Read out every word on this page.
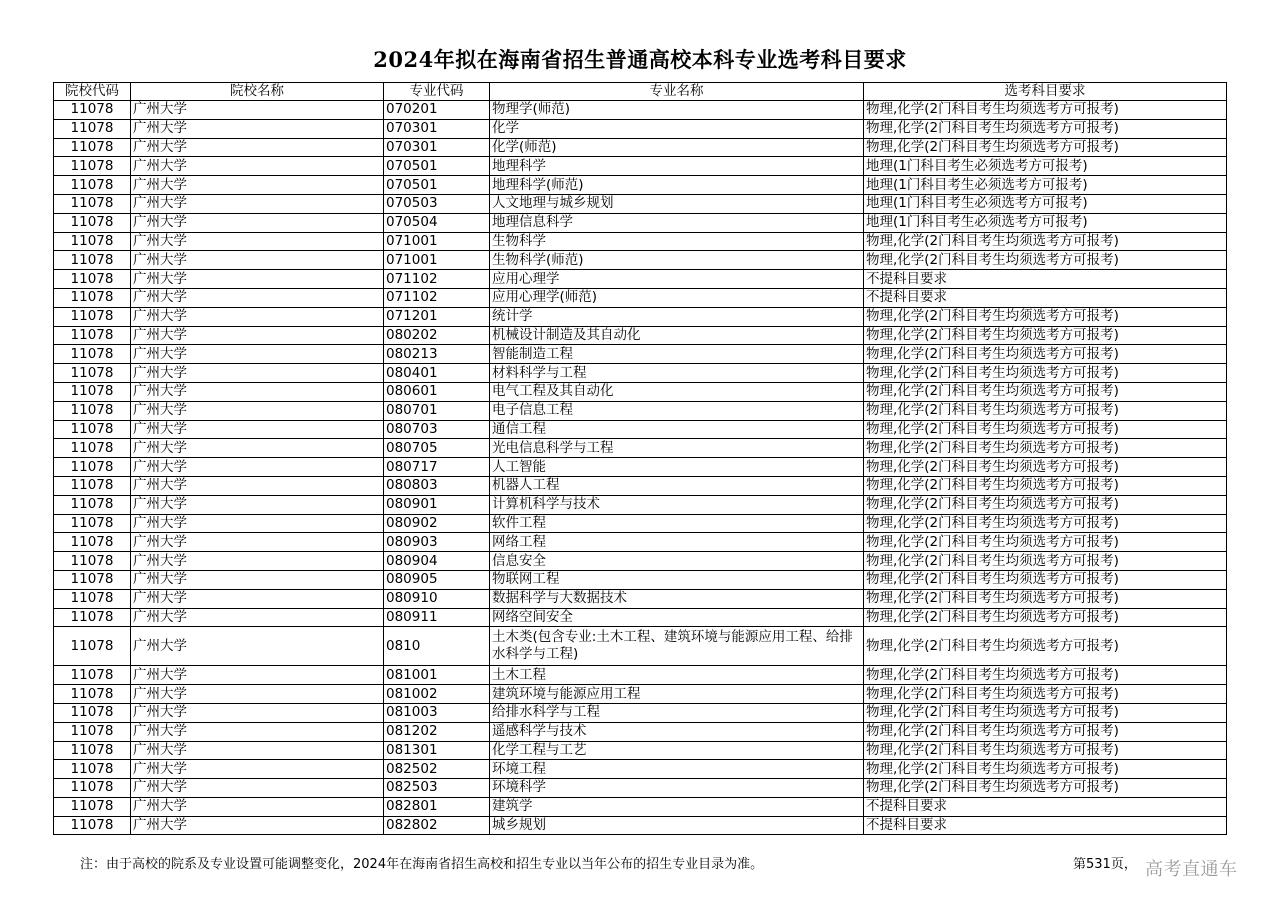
2024年拟在海南省招生普通高校本科专业选考科目要求
院校代码	院校名称	专业代码	专业名称	选考科目要求
11078	广州大学	070201	物理学(师范)	物理,化学(2门科目考生均须选考方可报考)
11078	广州大学	070301	化学	物理,化学(2门科目考生均须选考方可报考)
11078	广州大学	070301	化学(师范)	物理,化学(2门科目考生均须选考方可报考)
11078	广州大学	070501	地理科学	地理(1门科目考生必须选考方可报考)
11078	广州大学	070501	地理科学(师范)	地理(1门科目考生必须选考方可报考)
11078	广州大学	070503	人文地理与城乡规划	地理(1门科目考生必须选考方可报考)
11078	广州大学	070504	地理信息科学	地理(1门科目考生必须选考方可报考)
11078	广州大学	071001	生物科学	物理,化学(2门科目考生均须选考方可报考)
11078	广州大学	071001	生物科学(师范)	物理,化学(2门科目考生均须选考方可报考)
11078	广州大学	071102	应用心理学	不提科目要求
11078	广州大学	071102	应用心理学(师范)	不提科目要求
11078	广州大学	071201	统计学	物理,化学(2门科目考生均须选考方可报考)
11078	广州大学	080202	机械设计制造及其自动化	物理,化学(2门科目考生均须选考方可报考)
11078	广州大学	080213	智能制造工程	物理,化学(2门科目考生均须选考方可报考)
11078	广州大学	080401	材料科学与工程	物理,化学(2门科目考生均须选考方可报考)
11078	广州大学	080601	电气工程及其自动化	物理,化学(2门科目考生均须选考方可报考)
11078	广州大学	080701	电子信息工程	物理,化学(2门科目考生均须选考方可报考)
11078	广州大学	080703	通信工程	物理,化学(2门科目考生均须选考方可报考)
11078	广州大学	080705	光电信息科学与工程	物理,化学(2门科目考生均须选考方可报考)
11078	广州大学	080717	人工智能	物理,化学(2门科目考生均须选考方可报考)
11078	广州大学	080803	机器人工程	物理,化学(2门科目考生均须选考方可报考)
11078	广州大学	080901	计算机科学与技术	物理,化学(2门科目考生均须选考方可报考)
11078	广州大学	080902	软件工程	物理,化学(2门科目考生均须选考方可报考)
11078	广州大学	080903	网络工程	物理,化学(2门科目考生均须选考方可报考)
11078	广州大学	080904	信息安全	物理,化学(2门科目考生均须选考方可报考)
11078	广州大学	080905	物联网工程	物理,化学(2门科目考生均须选考方可报考)
11078	广州大学	080910	数据科学与大数据技术	物理,化学(2门科目考生均须选考方可报考)
11078	广州大学	080911	网络空间安全	物理,化学(2门科目考生均须选考方可报考)
11078	广州大学	0810	土木类(包含专业:土木工程、建筑环境与能源应用工程、给排水科学与工程)	物理,化学(2门科目考生均须选考方可报考)
11078	广州大学	081001	土木工程	物理,化学(2门科目考生均须选考方可报考)
11078	广州大学	081002	建筑环境与能源应用工程	物理,化学(2门科目考生均须选考方可报考)
11078	广州大学	081003	给排水科学与工程	物理,化学(2门科目考生均须选考方可报考)
11078	广州大学	081202	遥感科学与技术	物理,化学(2门科目考生均须选考方可报考)
11078	广州大学	081301	化学工程与工艺	物理,化学(2门科目考生均须选考方可报考)
11078	广州大学	082502	环境工程	物理,化学(2门科目考生均须选考方可报考)
11078	广州大学	082503	环境科学	物理,化学(2门科目考生均须选考方可报考)
11078	广州大学	082801	建筑学	不提科目要求
11078	广州大学	082802	城乡规划	不提科目要求
注：由于高校的院系及专业设置可能调整变化，2024年在海南省招生高校和招生专业以当年公布的招生专业目录为准。	第531页， 高考直通车
